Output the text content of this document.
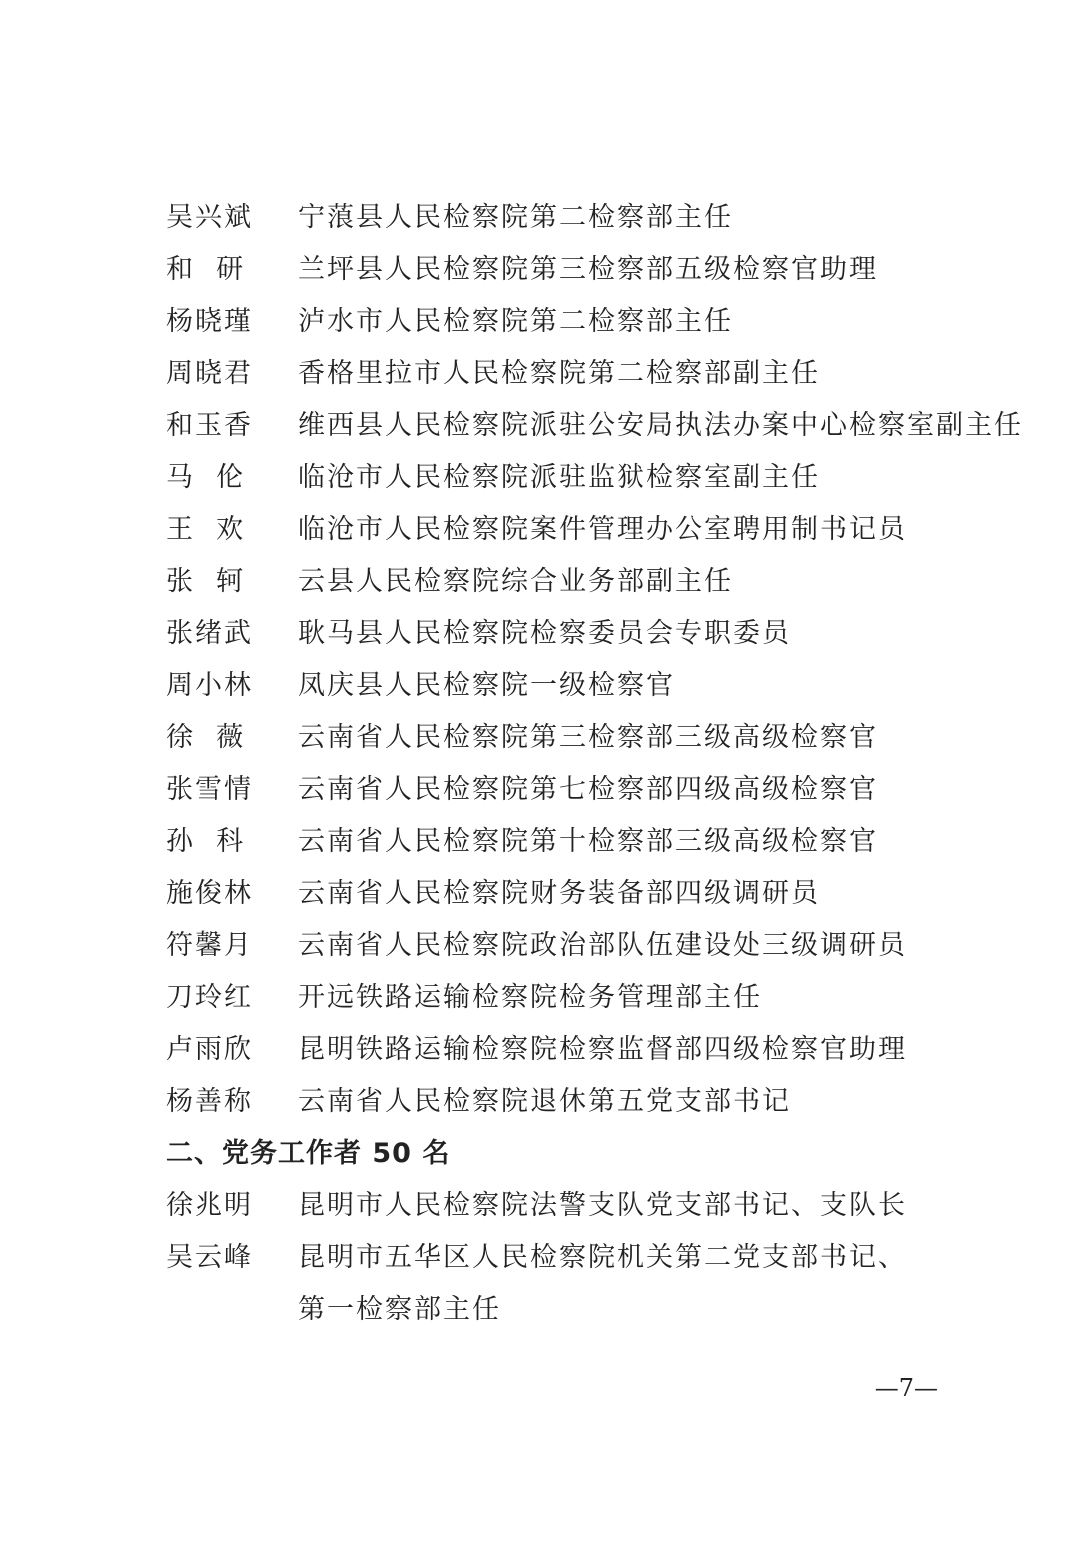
吴兴斌	宁蒗县人民检察院第二检察部主任
和  研	兰坪县人民检察院第三检察部五级检察官助理
杨晓瑾	泸水市人民检察院第二检察部主任
周晓君	香格里拉市人民检察院第二检察部副主任
和玉香	维西县人民检察院派驻公安局执法办案中心检察室副主任
马  伦	临沧市人民检察院派驻监狱检察室副主任
王  欢	临沧市人民检察院案件管理办公室聘用制书记员
张  轲	云县人民检察院综合业务部副主任
张绪武	耿马县人民检察院检察委员会专职委员
周小林	凤庆县人民检察院一级检察官
徐  薇	云南省人民检察院第三检察部三级高级检察官
张雪情	云南省人民检察院第七检察部四级高级检察官
孙  科	云南省人民检察院第十检察部三级高级检察官
施俊林	云南省人民检察院财务装备部四级调研员
符馨月	云南省人民检察院政治部队伍建设处三级调研员
刀玲红	开远铁路运输检察院检务管理部主任
卢雨欣	昆明铁路运输检察院检察监督部四级检察官助理
杨善称	云南省人民检察院退休第五党支部书记
二、党务工作者 50 名
徐兆明	昆明市人民检察院法警支队党支部书记、支队长
吴云峰	昆明市五华区人民检察院机关第二党支部书记、
第一检察部主任
—7—
